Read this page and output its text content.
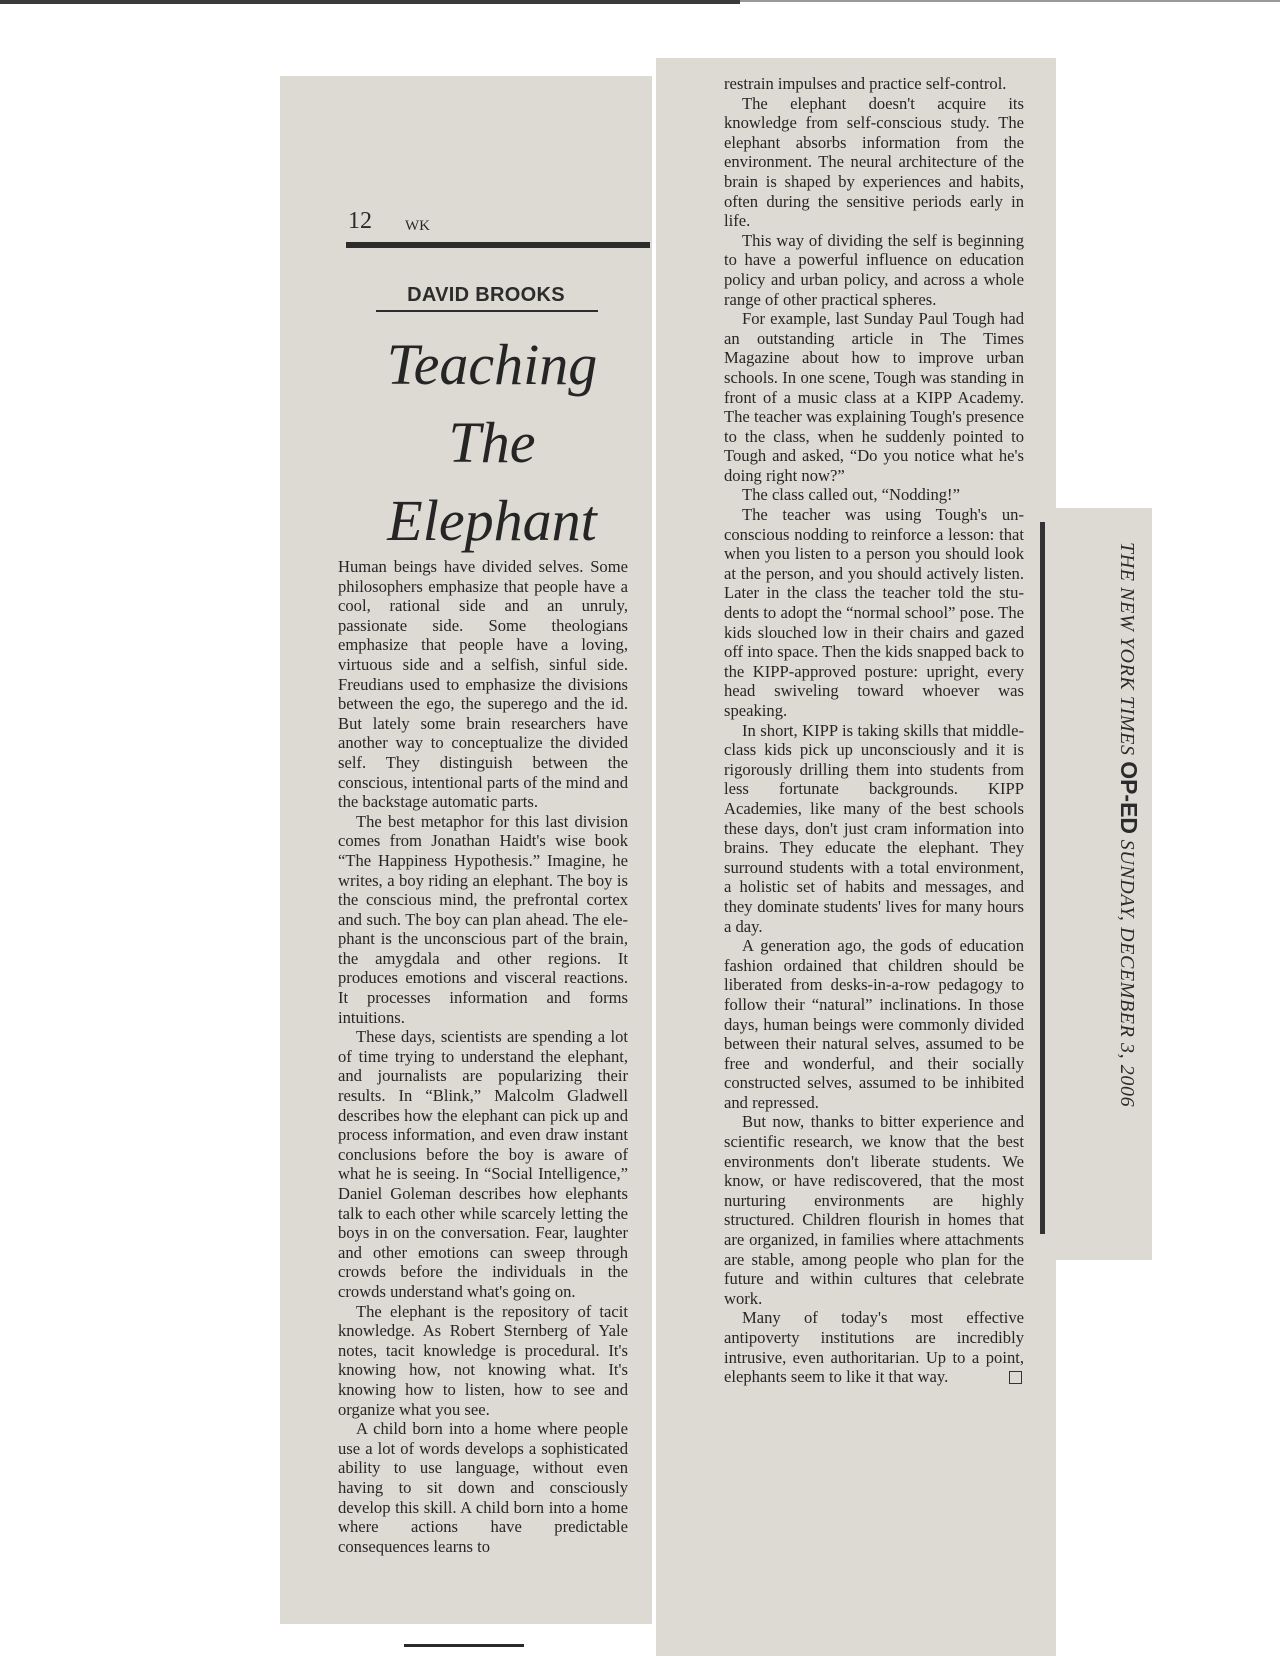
12 WK
DAVID BROOKS
Teaching
The
Elephant

Human beings have divided selves. Some philosophers emphasize that people have a cool, rational side and an unruly, passionate side. Some theologians emphasize that people have a loving, virtuous side and a selfish, sinful side. Freudians used to emphasize the divisions between the ego, the superego and the id. But lately some brain researchers have another way to conceptualize the divided self. They distinguish between the conscious, intentional parts of the mind and the backstage automatic parts.

The best metaphor for this last division comes from Jonathan Haidt's wise book “The Happiness Hypothesis.” Imagine, he writes, a boy riding an elephant. The boy is the conscious mind, the prefrontal cortex and such. The boy can plan ahead. The elephant is the unconscious part of the brain, the amygdala and other regions. It produces emotions and visceral reactions. It processes information and forms intuitions.

These days, scientists are spending a lot of time trying to understand the elephant, and journalists are popularizing their results. In “Blink,” Malcolm Gladwell describes how the elephant can pick up and process information, and even draw instant conclusions before the boy is aware of what he is seeing. In “Social Intelligence,” Daniel Goleman describes how elephants talk to each other while scarcely letting the boys in on the conversation. Fear, laughter and other emotions can sweep through crowds before the individuals in the crowds understand what's going on.

The elephant is the repository of tacit knowledge. As Robert Sternberg of Yale notes, tacit knowledge is procedural. It's knowing how, not knowing what. It's knowing how to listen, how to see and organize what you see.

A child born into a home where people use a lot of words develops a sophisticated ability to use language, without even having to sit down and consciously develop this skill. A child born into a home where actions have predictable consequences learns to

restrain impulses and practice self-control.

The elephant doesn't acquire its knowledge from self-conscious study. The elephant absorbs information from the environment. The neural architecture of the brain is shaped by experiences and habits, often during the sensitive periods early in life.

This way of dividing the self is beginning to have a powerful influence on education policy and urban policy, and across a whole range of other practical spheres.

For example, last Sunday Paul Tough had an outstanding article in The Times Magazine about how to improve urban schools. In one scene, Tough was standing in front of a music class at a KIPP Academy. The teacher was explaining Tough's presence to the class, when he suddenly pointed to Tough and asked, “Do you notice what he's doing right now?”

The class called out, “Nodding!”

The teacher was using Tough's unconscious nodding to reinforce a lesson: that when you listen to a person you should look at the person, and you should actively listen. Later in the class the teacher told the students to adopt the “normal school” pose. The kids slouched low in their chairs and gazed off into space. Then the kids snapped back to the KIPP-approved posture: upright, every head swiveling toward whoever was speaking.

In short, KIPP is taking skills that middle-class kids pick up unconsciously and it is rigorously drilling them into students from less fortunate backgrounds. KIPP Academies, like many of the best schools these days, don't just cram information into brains. They educate the elephant. They surround students with a total environment, a holistic set of habits and messages, and they dominate students' lives for many hours a day.

A generation ago, the gods of education fashion ordained that children should be liberated from desks-in-a-row pedagogy to follow their “natural” inclinations. In those days, human beings were commonly divided between their natural selves, assumed to be free and wonderful, and their socially constructed selves, assumed to be inhibited and repressed.

But now, thanks to bitter experience and scientific research, we know that the best environments don't liberate students. We know, or have rediscovered, that the most nurturing environments are highly structured. Children flourish in homes that are organized, in families where attachments are stable, among people who plan for the future and within cultures that celebrate work.

Many of today's most effective antipoverty institutions are incredibly intrusive, even authoritarian. Up to a point, elephants seem to like it that way.

THE NEW YORK TIMES OP-ED SUNDAY, DECEMBER 3, 2006
